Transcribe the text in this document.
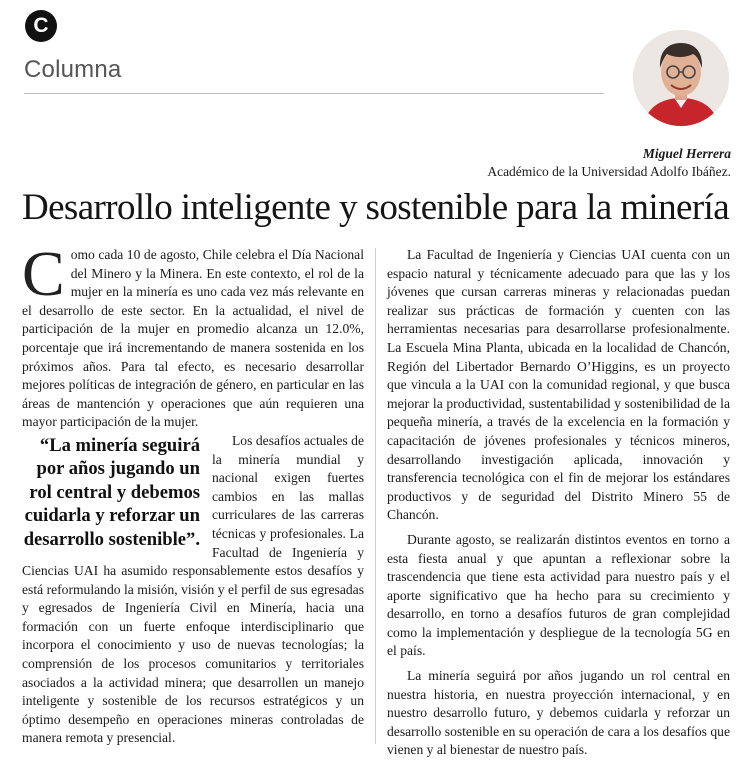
C
Columna
Miguel Herrera
Académico de la Universidad Adolfo Ibáñez.
Desarrollo inteligente y sostenible para la minería

Como cada 10 de agosto, Chile celebra el Día Nacional del Minero y la Minera. En este contexto, el rol de la mujer en la minería es uno cada vez más relevante en el desarrollo de este sector. En la actualidad, el nivel de participación de la mujer en promedio alcanza un 12.0%, porcentaje que irá incrementando de manera sostenida en los próximos años. Para tal efecto, es necesario desarrollar mejores políticas de integración de género, en particular en las áreas de mantención y operaciones que aún requieren una mayor participación de la mujer.

“La minería seguirá por años jugando un rol central y debemos cuidarla y reforzar un desarrollo sostenible”.

Los desafíos actuales de la minería mundial y nacional exigen fuertes cambios en las mallas curriculares de las carreras técnicas y profesionales. La Facultad de Ingeniería y Ciencias UAI ha asumido responsablemente estos desafíos y está reformulando la misión, visión y el perfil de sus egresadas y egresados de Ingeniería Civil en Minería, hacia una formación con un fuerte enfoque interdisciplinario que incorpora el conocimiento y uso de nuevas tecnologías; la comprensión de los procesos comunitarios y territoriales asociados a la actividad minera; que desarrollen un manejo inteligente y sostenible de los recursos estratégicos y un óptimo desempeño en operaciones mineras controladas de manera remota y presencial.

La Facultad de Ingeniería y Ciencias UAI cuenta con un espacio natural y técnicamente adecuado para que las y los jóvenes que cursan carreras mineras y relacionadas puedan realizar sus prácticas de formación y cuenten con las herramientas necesarias para desarrollarse profesionalmente. La Escuela Mina Planta, ubicada en la localidad de Chancón, Región del Libertador Bernardo O’Higgins, es un proyecto que vincula a la UAI con la comunidad regional, y que busca mejorar la productividad, sustentabilidad y sostenibilidad de la pequeña minería, a través de la excelencia en la formación y capacitación de jóvenes profesionales y técnicos mineros, desarrollando investigación aplicada, innovación y transferencia tecnológica con el fin de mejorar los estándares productivos y de seguridad del Distrito Minero 55 de Chancón.

Durante agosto, se realizarán distintos eventos en torno a esta fiesta anual y que apuntan a reflexionar sobre la trascendencia que tiene esta actividad para nuestro país y el aporte significativo que ha hecho para su crecimiento y desarrollo, en torno a desafíos futuros de gran complejidad como la implementación y despliegue de la tecnología 5G en el país.

La minería seguirá por años jugando un rol central en nuestra historia, en nuestra proyección internacional, y en nuestro desarrollo futuro, y debemos cuidarla y reforzar un desarrollo sostenible en su operación de cara a los desafíos que vienen y al bienestar de nuestro país.
